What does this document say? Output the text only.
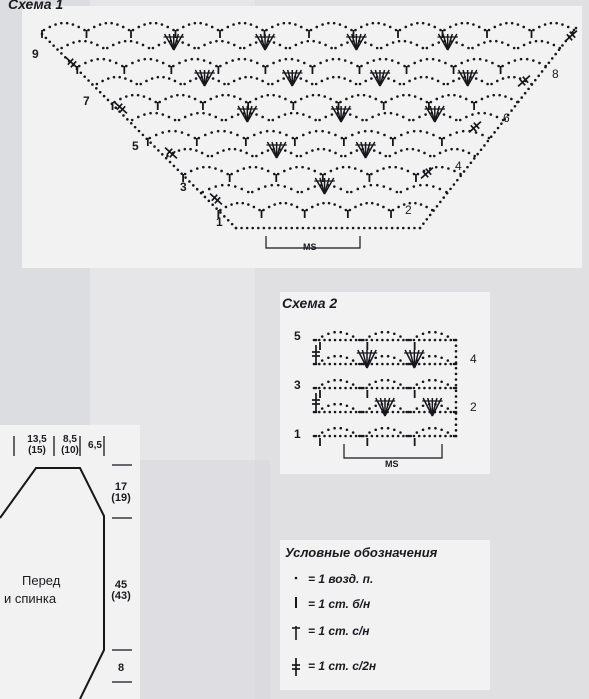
Схема 1
Схема 2
Условные обозначения
1
3
5
7
9
2
4
6
8
MS
1
3
5
2
4
MS
= 1 возд. п.
= 1 ст. б/н
= 1 ст. с/н
= 1 ст. с/2н
Перед
и спинка
13,5
(15)
8,5
(10) 6,5
17
(19)
45
(43)
8
